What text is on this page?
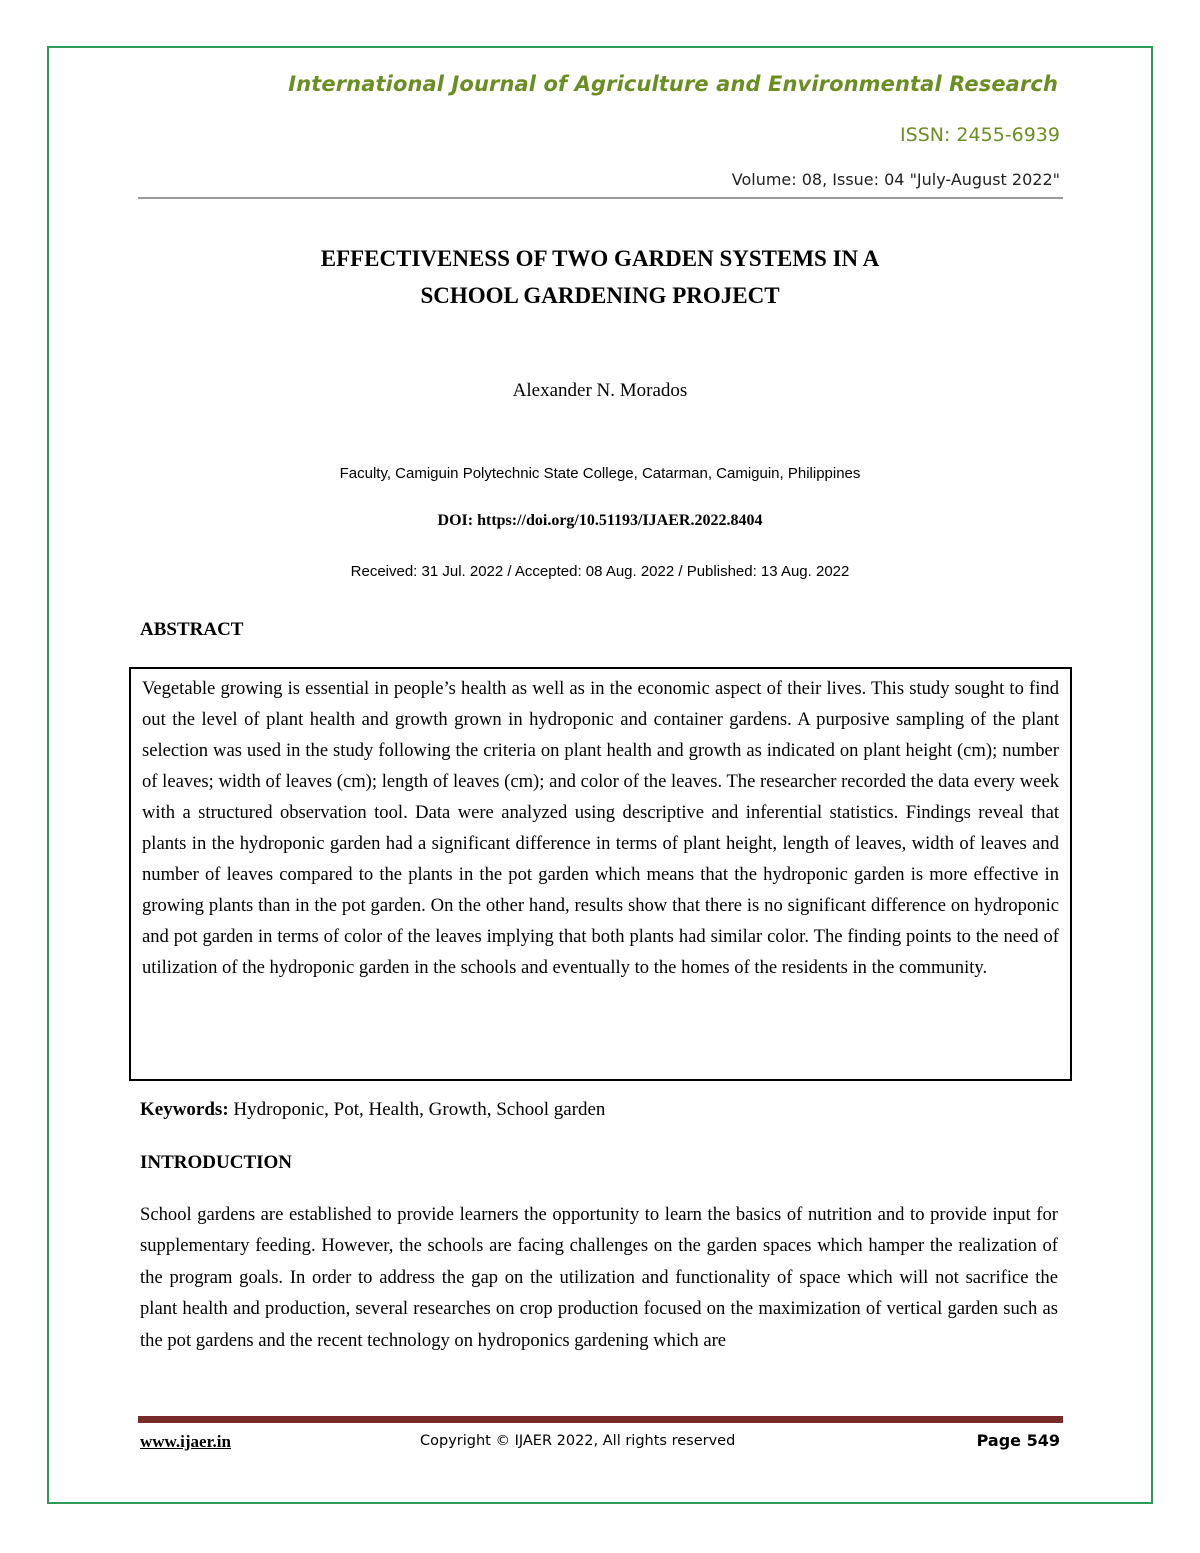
International Journal of Agriculture and Environmental Research
ISSN: 2455-6939
Volume: 08, Issue: 04 "July-August 2022"
EFFECTIVENESS OF TWO GARDEN SYSTEMS IN A
SCHOOL GARDENING PROJECT
Alexander N. Morados
Faculty, Camiguin Polytechnic State College, Catarman, Camiguin, Philippines
DOI: https://doi.org/10.51193/IJAER.2022.8404
Received: 31 Jul. 2022 / Accepted: 08 Aug. 2022 / Published: 13 Aug. 2022
ABSTRACT

Vegetable growing is essential in people’s health as well as in the economic aspect of their lives. This study sought to find out the level of plant health and growth grown in hydroponic and container gardens. A purposive sampling of the plant selection was used in the study following the criteria on plant health and growth as indicated on plant height (cm); number of leaves; width of leaves (cm); length of leaves (cm); and color of the leaves. The researcher recorded the data every week with a structured observation tool. Data were analyzed using descriptive and inferential statistics. Findings reveal that plants in the hydroponic garden had a significant difference in terms of plant height, length of leaves, width of leaves and number of leaves compared to the plants in the pot garden which means that the hydroponic garden is more effective in growing plants than in the pot garden. On the other hand, results show that there is no significant difference on hydroponic and pot garden in terms of color of the leaves implying that both plants had similar color. The finding points to the need of utilization of the hydroponic garden in the schools and eventually to the homes of the residents in the community.

Keywords: Hydroponic, Pot, Health, Growth, School garden
INTRODUCTION

School gardens are established to provide learners the opportunity to learn the basics of nutrition and to provide input for supplementary feeding. However, the schools are facing challenges on the garden spaces which hamper the realization of the program goals. In order to address the gap on the utilization and functionality of space which will not sacrifice the plant health and production, several researches on crop production focused on the maximization of vertical garden such as the pot gardens and the recent technology on hydroponics gardening which are

www.ijaer.in	Copyright © IJAER 2022, All rights reserved	Page 549
